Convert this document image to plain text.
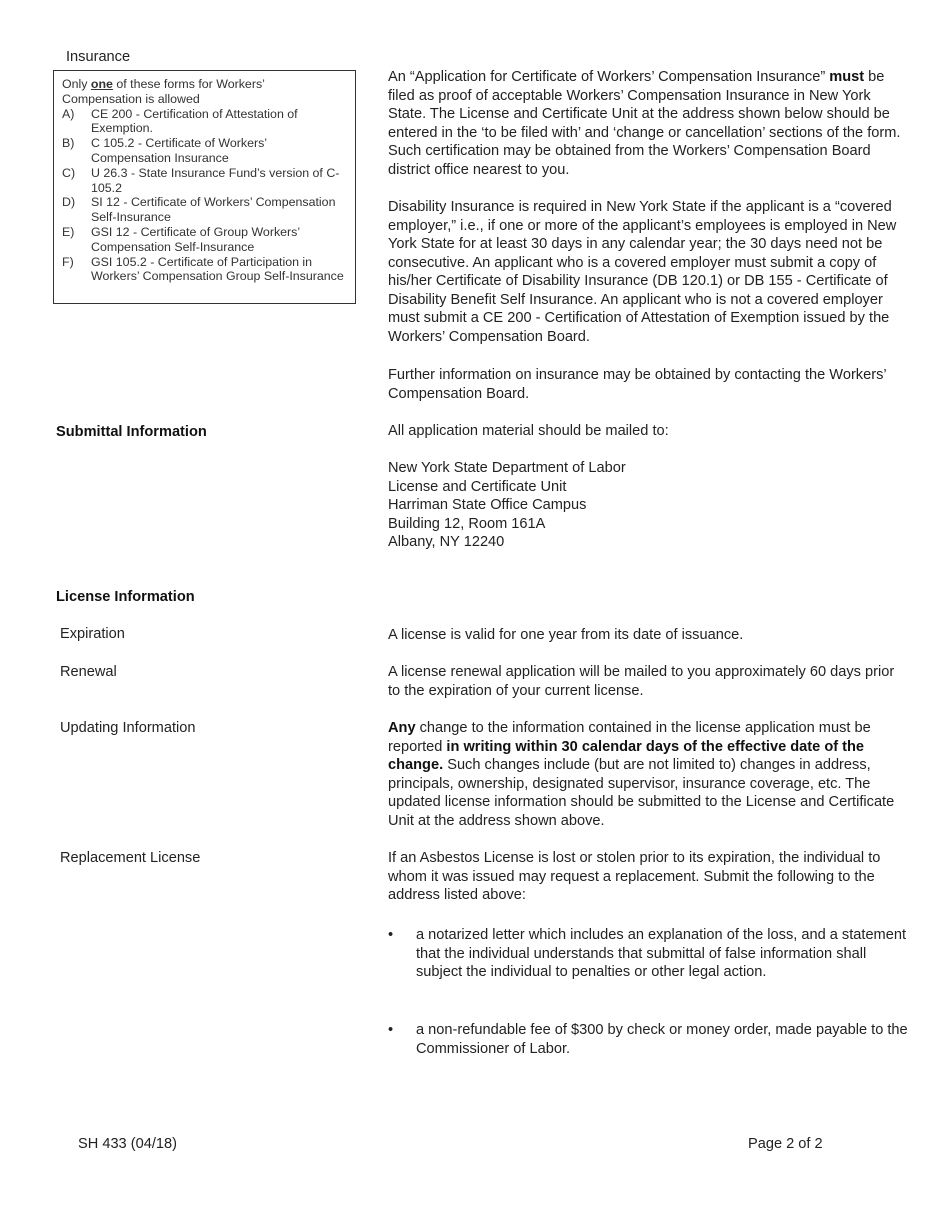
Insurance
Only one of these forms for Workers’ Compensation is allowed
A)	CE 200 - Certification of Attestation of Exemption.
B)	C 105.2 - Certificate of Workers’ Compensation Insurance
C)	U 26.3 - State Insurance Fund’s version of C-105.2
D)	SI 12 - Certificate of Workers’ Compensation Self-Insurance
E)	GSI 12 - Certificate of Group Workers’ Compensation Self-Insurance
F)	GSI 105.2 - Certificate of Participation in Workers’ Compensation Group Self-Insurance

An “Application for Certificate of Workers’ Compensation Insurance” must be filed as proof of acceptable Workers’ Compensation Insurance in New York State. The License and Certificate Unit at the address shown below should be entered in the ‘to be filed with’ and ‘change or cancellation’ sections of the form. Such certification may be obtained from the Workers’ Compensation Board district office nearest to you.

Disability Insurance is required in New York State if the applicant is a “covered employer,” i.e., if one or more of the applicant’s employees is employed in New York State for at least 30 days in any calendar year; the 30 days need not be consecutive. An applicant who is a covered employer must submit a copy of his/her Certificate of Disability Insurance (DB 120.1) or DB 155 - Certificate of Disability Benefit Self Insurance. An applicant who is not a covered employer must submit a CE 200 - Certification of Attestation of Exemption issued by the Workers’ Compensation Board.

Further information on insurance may be obtained by contacting the Workers’ Compensation Board.

Submittal Information	All application material should be mailed to:

New York State Department of Labor
License and Certificate Unit
Harriman State Office Campus
Building 12, Room 161A
Albany, NY 12240
License Information
Expiration	A license is valid for one year from its date of issuance.

Renewal	A license renewal application will be mailed to you approximately 60 days prior to the expiration of your current license.

Updating Information	Any change to the information contained in the license application must be reported in writing within 30 calendar days of the effective date of the change. Such changes include (but are not limited to) changes in address, principals, ownership, designated supervisor, insurance coverage, etc. The updated license information should be submitted to the License and Certificate Unit at the address shown above.

Replacement License	If an Asbestos License is lost or stolen prior to its expiration, the individual to whom it was issued may request a replacement. Submit the following to the address listed above:

•	a notarized letter which includes an explanation of the loss, and a statement that the individual understands that submittal of false information shall subject the individual to penalties or other legal action.
•	a non-refundable fee of $300 by check or money order, made payable to the Commissioner of Labor.
SH 433 (04/18)	Page 2 of 2
